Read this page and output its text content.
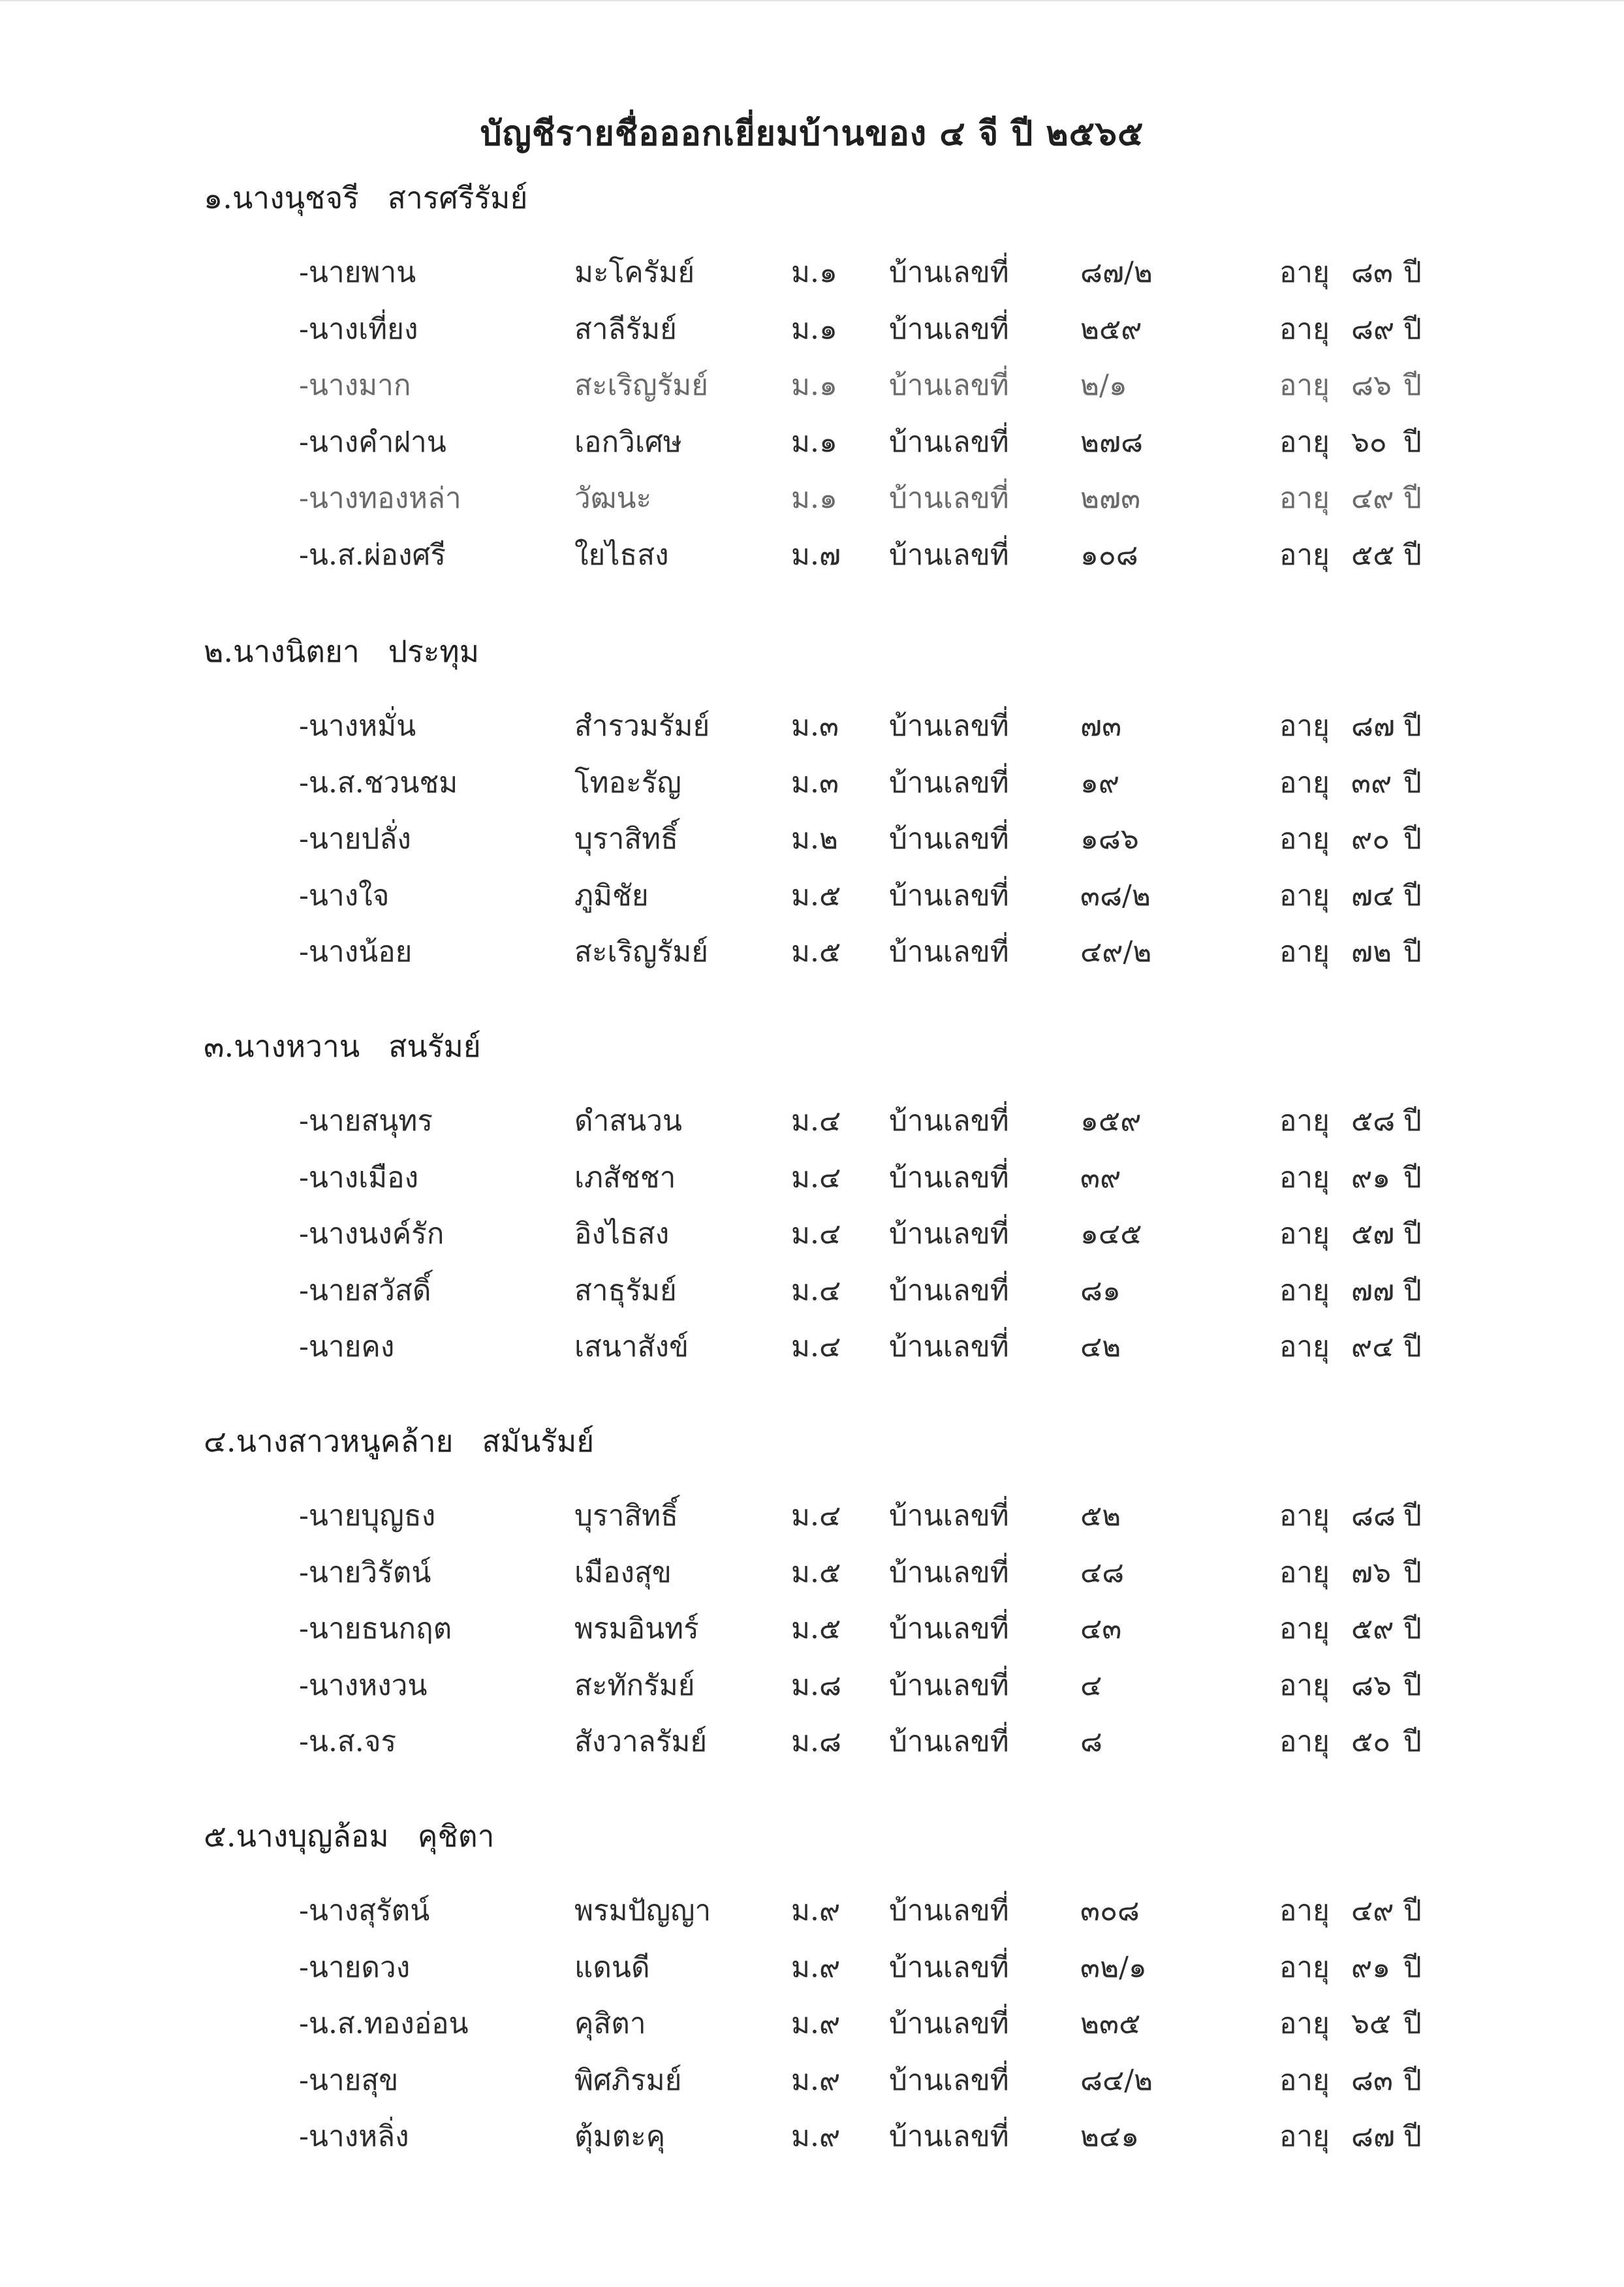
บัญชีรายชื่อออกเยี่ยมบ้านของ ๔ จี ปี ๒๕๖๕
๑.นางนุชจรี สารศรีรัมย์
-นายพาน	มะโครัมย์	ม.๑ บ้านเลขที่ ๘๗/๒	อายุ ๘๓ ปี
-นางเที่ยง	สาลีรัมย์	ม.๑ บ้านเลขที่ ๒๕๙	อายุ ๘๙ ปี
-นางมาก	สะเริญรัมย์	ม.๑ บ้านเลขที่ ๒/๑	อายุ ๘๖ ปี
-นางคำฝาน	เอกวิเศษ	ม.๑ บ้านเลขที่ ๒๗๘	อายุ ๖๐ ปี
-นางทองหล่า	วัฒนะ	ม.๑ บ้านเลขที่ ๒๗๓	อายุ ๔๙ ปี
-น.ส.ผ่องศรี	ใยไธสง	ม.๗ บ้านเลขที่ ๑๐๘	อายุ ๕๕ ปี
๒.นางนิตยา ประทุม
-นางหมั่น	สำรวมรัมย์	ม.๓ บ้านเลขที่ ๗๓	อายุ ๘๗ ปี
-น.ส.ชวนชม	โทอะรัญ	ม.๓ บ้านเลขที่ ๑๙	อายุ ๓๙ ปี
-นายปลั่ง	บุราสิทธิ์	ม.๒ บ้านเลขที่ ๑๘๖	อายุ ๙๐ ปี
-นางใจ	ภูมิชัย	ม.๕ บ้านเลขที่ ๓๘/๒	อายุ ๗๔ ปี
-นางน้อย	สะเริญรัมย์	ม.๕ บ้านเลขที่ ๔๙/๒	อายุ ๗๒ ปี
๓.นางหวาน สนรัมย์
-นายสนุทร	ดำสนวน	ม.๔ บ้านเลขที่ ๑๕๙	อายุ ๕๘ ปี
-นางเมือง	เภสัชชา	ม.๔ บ้านเลขที่ ๓๙	อายุ ๙๑ ปี
-นางนงค์รัก	อิงไธสง	ม.๔ บ้านเลขที่ ๑๔๕	อายุ ๕๗ ปี
-นายสวัสดิ์	สาธุรัมย์	ม.๔ บ้านเลขที่ ๘๑	อายุ ๗๗ ปี
-นายคง	เสนาสังข์	ม.๔ บ้านเลขที่ ๔๒	อายุ ๙๔ ปี
๔.นางสาวหนูคล้าย สมันรัมย์
-นายบุญธง	บุราสิทธิ์	ม.๔ บ้านเลขที่ ๕๒	อายุ ๘๘ ปี
-นายวิรัตน์	เมืองสุข	ม.๕ บ้านเลขที่ ๔๘	อายุ ๗๖ ปี
-นายธนกฤต	พรมอินทร์	ม.๕ บ้านเลขที่ ๔๓	อายุ ๕๙ ปี
-นางหงวน	สะทักรัมย์	ม.๘ บ้านเลขที่ ๔	อายุ ๘๖ ปี
-น.ส.จร	สังวาลรัมย์	ม.๘ บ้านเลขที่ ๘	อายุ ๕๐ ปี
๕.นางบุญล้อม คุชิตา
-นางสุรัตน์	พรมปัญญา	ม.๙ บ้านเลขที่ ๓๐๘	อายุ ๔๙ ปี
-นายดวง	แดนดี	ม.๙ บ้านเลขที่ ๓๒/๑	อายุ ๙๑ ปี
-น.ส.ทองอ่อน	คุสิตา	ม.๙ บ้านเลขที่ ๒๓๕	อายุ ๖๕ ปี
-นายสุข	พิศภิรมย์	ม.๙ บ้านเลขที่ ๘๔/๒	อายุ ๘๓ ปี
-นางหลิ่ง	ตุ้มตะคุ	ม.๙ บ้านเลขที่ ๒๔๑	อายุ ๘๗ ปี
